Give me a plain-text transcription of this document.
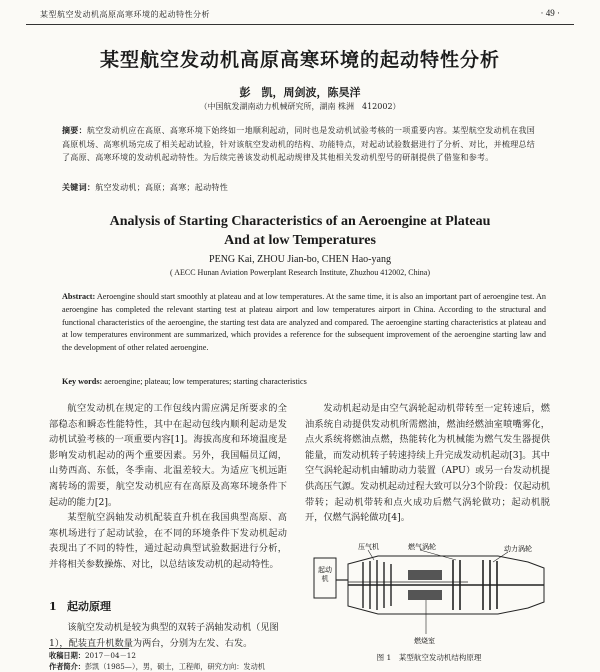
某型航空发动机高原高寒环境的起动特性分析	· 49 ·
某型航空发动机高原高寒环境的起动特性分析
彭　凯，周剑波，陈昊洋
（中国航发湖南动力机械研究所，湖南 株洲　412002）
摘要：航空发动机应在高原、高寒环境下始终如一地顺利起动，同时也是发动机试验考核的一项重要内容。某型航空发动机在我国高原机场、高寒机场完成了相关起动试验，针对该航空发动机的结构、功能特点，对起动试验数据进行了分析、对比，并梳理总结了高原、高寒环境的发动机起动特性。为后续完善该发动机起动规律及其他相关发动机型号的研制提供了借鉴和参考。
关键词：航空发动机；高原；高寒；起动特性
Analysis of Starting Characteristics of an Aeroengine at Plateau
And at low Temperatures
PENG Kai, ZHOU Jian-bo, CHEN Hao-yang
( AECC Hunan Aviation Powerplant Research Institute, Zhuzhou 412002, China)
Abstract: Aeroengine should start smoothly at plateau and at low temperatures. At the same time, it is also an important part of aeroengine test. An aeroengine has completed the relevant starting test at plateau airport and low temperatures airport in China. According to the structural and functional characteristics of the aeroengine, the starting test data are analyzed and compared. The aeroengine starting characteristics at plateau and at low temperatures environment are summarized, which provides a reference for the subsequent improvement of the aeroengine starting law and the development of other related aeroengine.
Key words: aeroengine; plateau; low temperatures; starting characteristics

航空发动机在规定的工作包线内需应满足所要求的全部稳态和瞬态性能特性，其中在起动包线内顺利起动是发动机试验考核的一项重要内容[1]。海拔高度和环境温度是影响发动机起动的两个重要因素。另外，我国幅员辽阔，山势西高、东低，冬季南、北温差较大。为适应飞机远距离转场的需要，航空发动机应有在高原及高寒环境条件下起动的能力[2]。

某型航空涡轴发动机配装直升机在我国典型高原、高寒机场进行了起动试验，在不同的环境条件下发动机起动表现出了不同的特性，通过起动典型试验数据进行分析，并将相关参数操炼、对比，以总结该发动机的起动特性。

1 起动原理

该航空发动机是较为典型的双转子涡轴发动机（见图1），配装直升机数量为两台，分别为左发、右发。

发动机起动是由空气涡轮起动机带转至一定转速后，燃油系统自动提供发动机所需燃油，燃油经燃油室喷嘴雾化，点火系统将燃油点燃，热能转化为机械能为燃气发生器提供能量，而发动机转子转速持续上升完成发动机起动[3]。其中空气涡轮起动机由辅助动力装置（APU）或另一台发动机提供高压气源。发动机起动过程大致可以分3个阶段：仅起动机带转；起动机带转和点火成功后燃气涡轮做功；起动机脱开，仅燃气涡轮做功[4]。

起动机
压气机	燃气涡轮	动力涡轮
燃烧室
图 1　某型航空发动机结构原理
收稿日期：2017－04－12
作者简介：彭凯（1985—），男，硕士，工程师，研究方向：发动机
